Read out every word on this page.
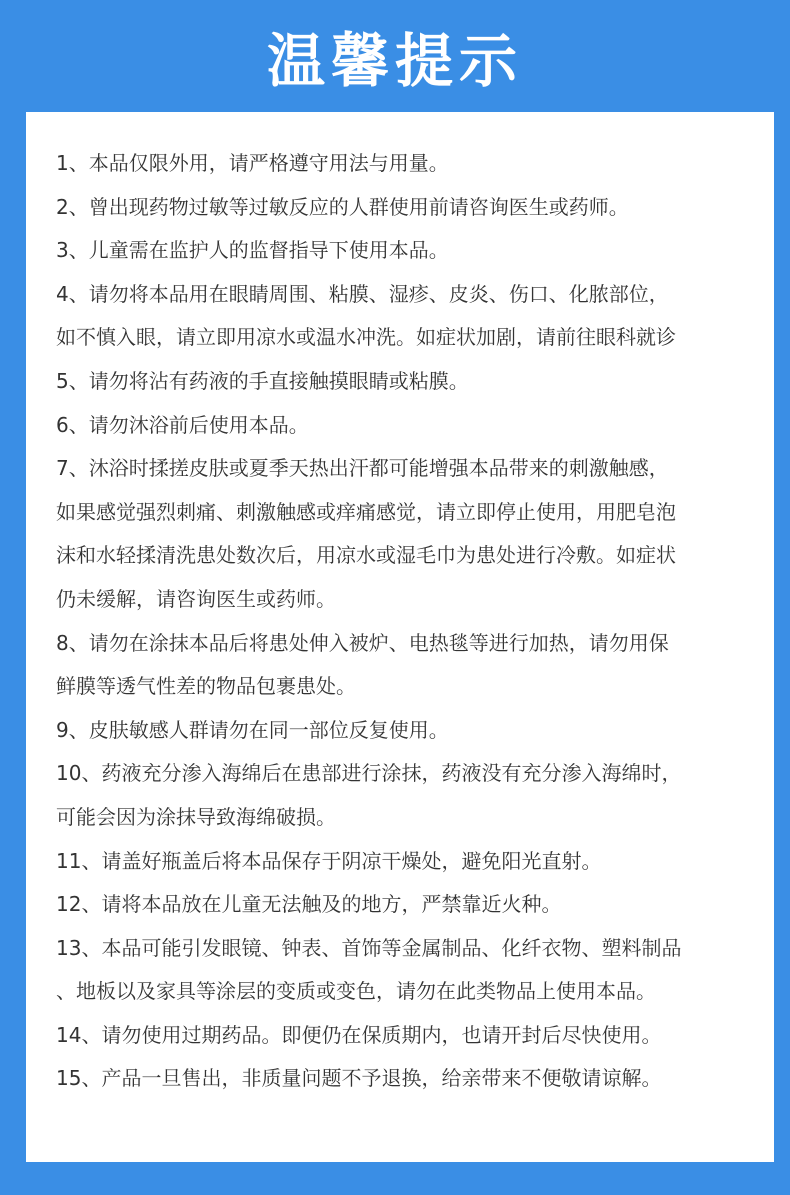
温馨提示
1、本品仅限外用，请严格遵守用法与用量。
2、曾出现药物过敏等过敏反应的人群使用前请咨询医生或药师。
3、儿童需在监护人的监督指导下使用本品。
4、请勿将本品用在眼睛周围、粘膜、湿疹、皮炎、伤口、化脓部位，
如不慎入眼，请立即用凉水或温水冲洗。如症状加剧，请前往眼科就诊
5、请勿将沾有药液的手直接触摸眼睛或粘膜。
6、请勿沐浴前后使用本品。
7、沐浴时揉搓皮肤或夏季天热出汗都可能增强本品带来的刺激触感，
如果感觉强烈刺痛、刺激触感或痒痛感觉，请立即停止使用，用肥皂泡
沫和水轻揉清洗患处数次后，用凉水或湿毛巾为患处进行冷敷。如症状
仍未缓解，请咨询医生或药师。
8、请勿在涂抹本品后将患处伸入被炉、电热毯等进行加热，请勿用保
鲜膜等透气性差的物品包裹患处。
9、皮肤敏感人群请勿在同一部位反复使用。
10、药液充分渗入海绵后在患部进行涂抹，药液没有充分渗入海绵时，
可能会因为涂抹导致海绵破损。
11、请盖好瓶盖后将本品保存于阴凉干燥处，避免阳光直射。
12、请将本品放在儿童无法触及的地方，严禁靠近火种。
13、本品可能引发眼镜、钟表、首饰等金属制品、化纤衣物、塑料制品
、地板以及家具等涂层的变质或变色，请勿在此类物品上使用本品。
14、请勿使用过期药品。即便仍在保质期内，也请开封后尽快使用。
15、产品一旦售出，非质量问题不予退换，给亲带来不便敬请谅解。
